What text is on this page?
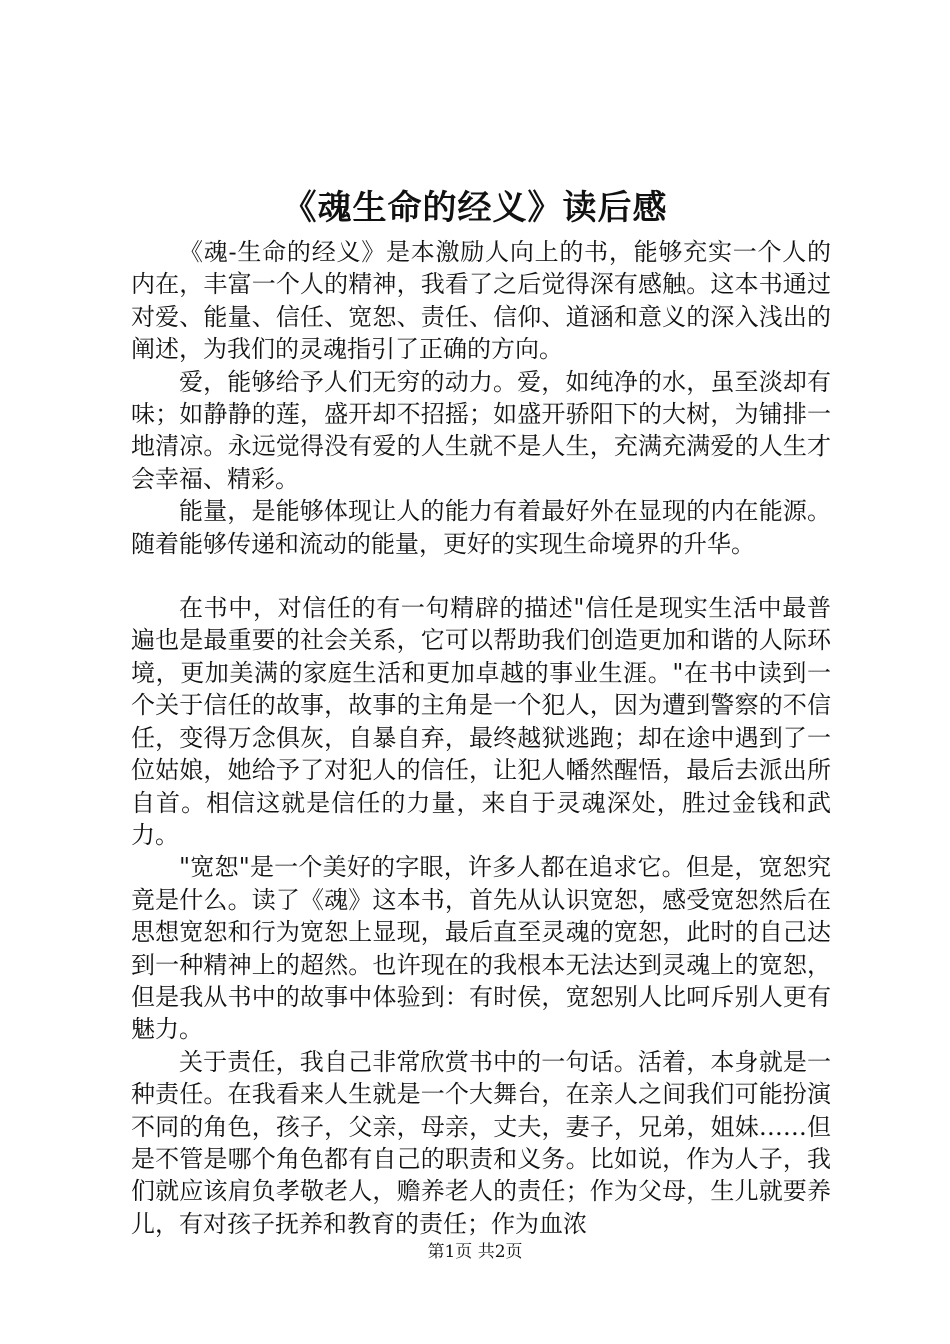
《魂生命的经义》读后感

《魂-生命的经义》是本激励人向上的书，能够充实一个人的内在，丰富一个人的精神，我看了之后觉得深有感触。这本书通过对爱、能量、信任、宽恕、责任、信仰、道涵和意义的深入浅出的阐述，为我们的灵魂指引了正确的方向。

爱，能够给予人们无穷的动力。爱，如纯净的水，虽至淡却有味；如静静的莲，盛开却不招摇；如盛开骄阳下的大树，为铺排一地清凉。永远觉得没有爱的人生就不是人生，充满充满爱的人生才会幸福、精彩。

能量，是能够体现让人的能力有着最好外在显现的内在能源。随着能够传递和流动的能量，更好的实现生命境界的升华。

在书中，对信任的有一句精辟的描述"信任是现实生活中最普遍也是最重要的社会关系，它可以帮助我们创造更加和谐的人际环境，更加美满的家庭生活和更加卓越的事业生涯。"在书中读到一个关于信任的故事，故事的主角是一个犯人，因为遭到警察的不信任，变得万念俱灰，自暴自弃，最终越狱逃跑；却在途中遇到了一位姑娘，她给予了对犯人的信任，让犯人幡然醒悟，最后去派出所自首。相信这就是信任的力量，来自于灵魂深处，胜过金钱和武力。

"宽恕"是一个美好的字眼，许多人都在追求它。但是，宽恕究竟是什么。读了《魂》这本书，首先从认识宽恕，感受宽恕然后在思想宽恕和行为宽恕上显现，最后直至灵魂的宽恕，此时的自己达到一种精神上的超然。也许现在的我根本无法达到灵魂上的宽恕，但是我从书中的故事中体验到：有时侯，宽恕别人比呵斥别人更有魅力。

关于责任，我自己非常欣赏书中的一句话。活着，本身就是一种责任。在我看来人生就是一个大舞台，在亲人之间我们可能扮演不同的角色，孩子，父亲，母亲，丈夫，妻子，兄弟，姐妹……但是不管是哪个角色都有自己的职责和义务。比如说，作为人子，我们就应该肩负孝敬老人，赡养老人的责任；作为父母，生儿就要养儿，有对孩子抚养和教育的责任；作为血浓

第1页 共2页
